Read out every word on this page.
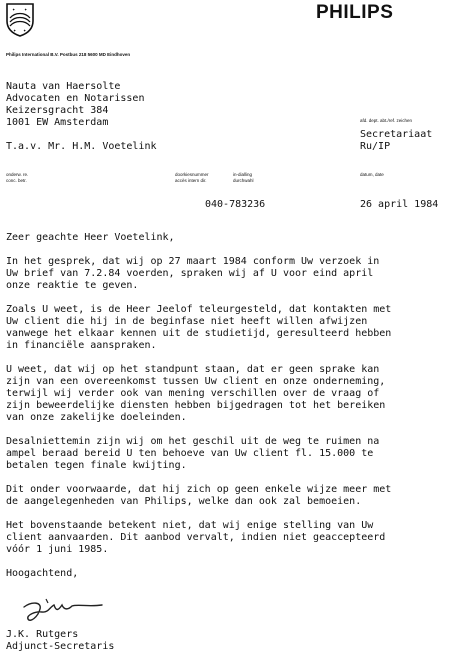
✦ ✦
✦ ✦
PHILIPS
Philips International B.V. Postbus 218 5600 MD Eindhoven
Nauta van Haersolte
Advocaten en Notarissen
Keizersgracht 384
1001 EW Amsterdam
T.a.v. Mr. H.M. Voetelink
afd. dept. abt./ref. zeichen
Secretariaat
Ru/IP
onderw. re.
conc. betr.
doorkiesnummer
accès intern dir.
in-dialling
durchwahl
datum, date
040-783236	26 april 1984
Zeer geachte Heer Voetelink,
In het gesprek, dat wij op 27 maart 1984 conform Uw verzoek in
Uw brief van 7.2.84 voerden, spraken wij af U voor eind april
onze reaktie te geven.
Zoals U weet, is de Heer Jeelof teleurgesteld, dat kontakten met
Uw client die hij in de beginfase niet heeft willen afwijzen
vanwege het elkaar kennen uit de studietijd, geresulteerd hebben
in financiële aanspraken.
U weet, dat wij op het standpunt staan, dat er geen sprake kan
zijn van een overeenkomst tussen Uw client en onze onderneming,
terwijl wij verder ook van mening verschillen over de vraag of
zijn beweerdelijke diensten hebben bijgedragen tot het bereiken
van onze zakelijke doeleinden.
Desalniettemin zijn wij om het geschil uit de weg te ruimen na
ampel beraad bereid U ten behoeve van Uw client fl. 15.000 te
betalen tegen finale kwijting.
Dit onder voorwaarde, dat hij zich op geen enkele wijze meer met
de aangelegenheden van Philips, welke dan ook zal bemoeien.
Het bovenstaande betekent niet, dat wij enige stelling van Uw
client aanvaarden. Dit aanbod vervalt, indien niet geaccepteerd
vóór 1 juni 1985.
Hoogachtend,
J.K. Rutgers
Adjunct-Secretaris
